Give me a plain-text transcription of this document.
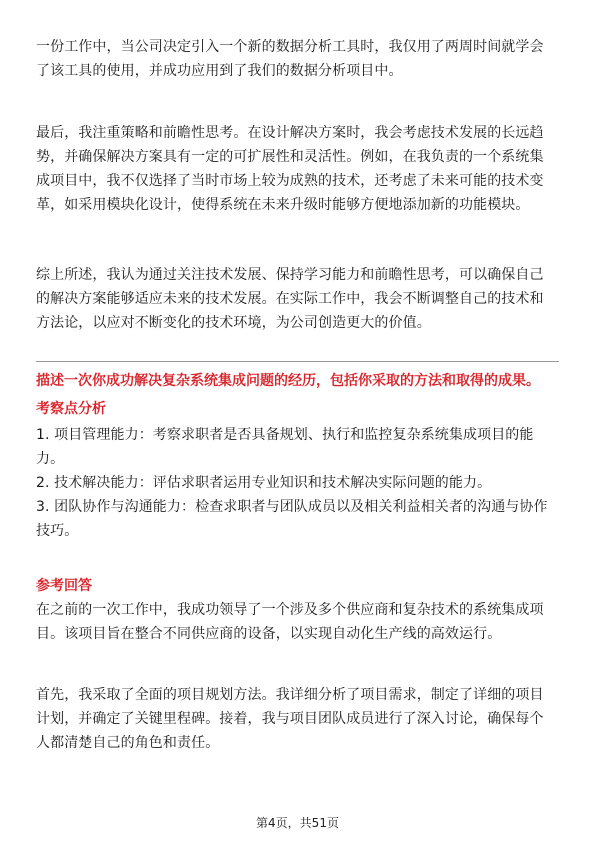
一份工作中，当公司决定引入一个新的数据分析工具时，我仅用了两周时间就学会
了该工具的使用，并成功应用到了我们的数据分析项目中。
最后，我注重策略和前瞻性思考。在设计解决方案时，我会考虑技术发展的长远趋
势，并确保解决方案具有一定的可扩展性和灵活性。例如，在我负责的一个系统集
成项目中，我不仅选择了当时市场上较为成熟的技术，还考虑了未来可能的技术变
革，如采用模块化设计，使得系统在未来升级时能够方便地添加新的功能模块。
综上所述，我认为通过关注技术发展、保持学习能力和前瞻性思考，可以确保自己
的解决方案能够适应未来的技术发展。在实际工作中，我会不断调整自己的技术和
方法论，以应对不断变化的技术环境，为公司创造更大的价值。
描述一次你成功解决复杂系统集成问题的经历，包括你采取的方法和取得的成果。
考察点分析
1. 项目管理能力：考察求职者是否具备规划、执行和监控复杂系统集成项目的能
力。
2. 技术解决能力：评估求职者运用专业知识和技术解决实际问题的能力。
3. 团队协作与沟通能力：检查求职者与团队成员以及相关利益相关者的沟通与协作
技巧。
参考回答
在之前的一次工作中，我成功领导了一个涉及多个供应商和复杂技术的系统集成项
目。该项目旨在整合不同供应商的设备，以实现自动化生产线的高效运行。
首先，我采取了全面的项目规划方法。我详细分析了项目需求，制定了详细的项目
计划，并确定了关键里程碑。接着，我与项目团队成员进行了深入讨论，确保每个
人都清楚自己的角色和责任。
第4页，共51页
